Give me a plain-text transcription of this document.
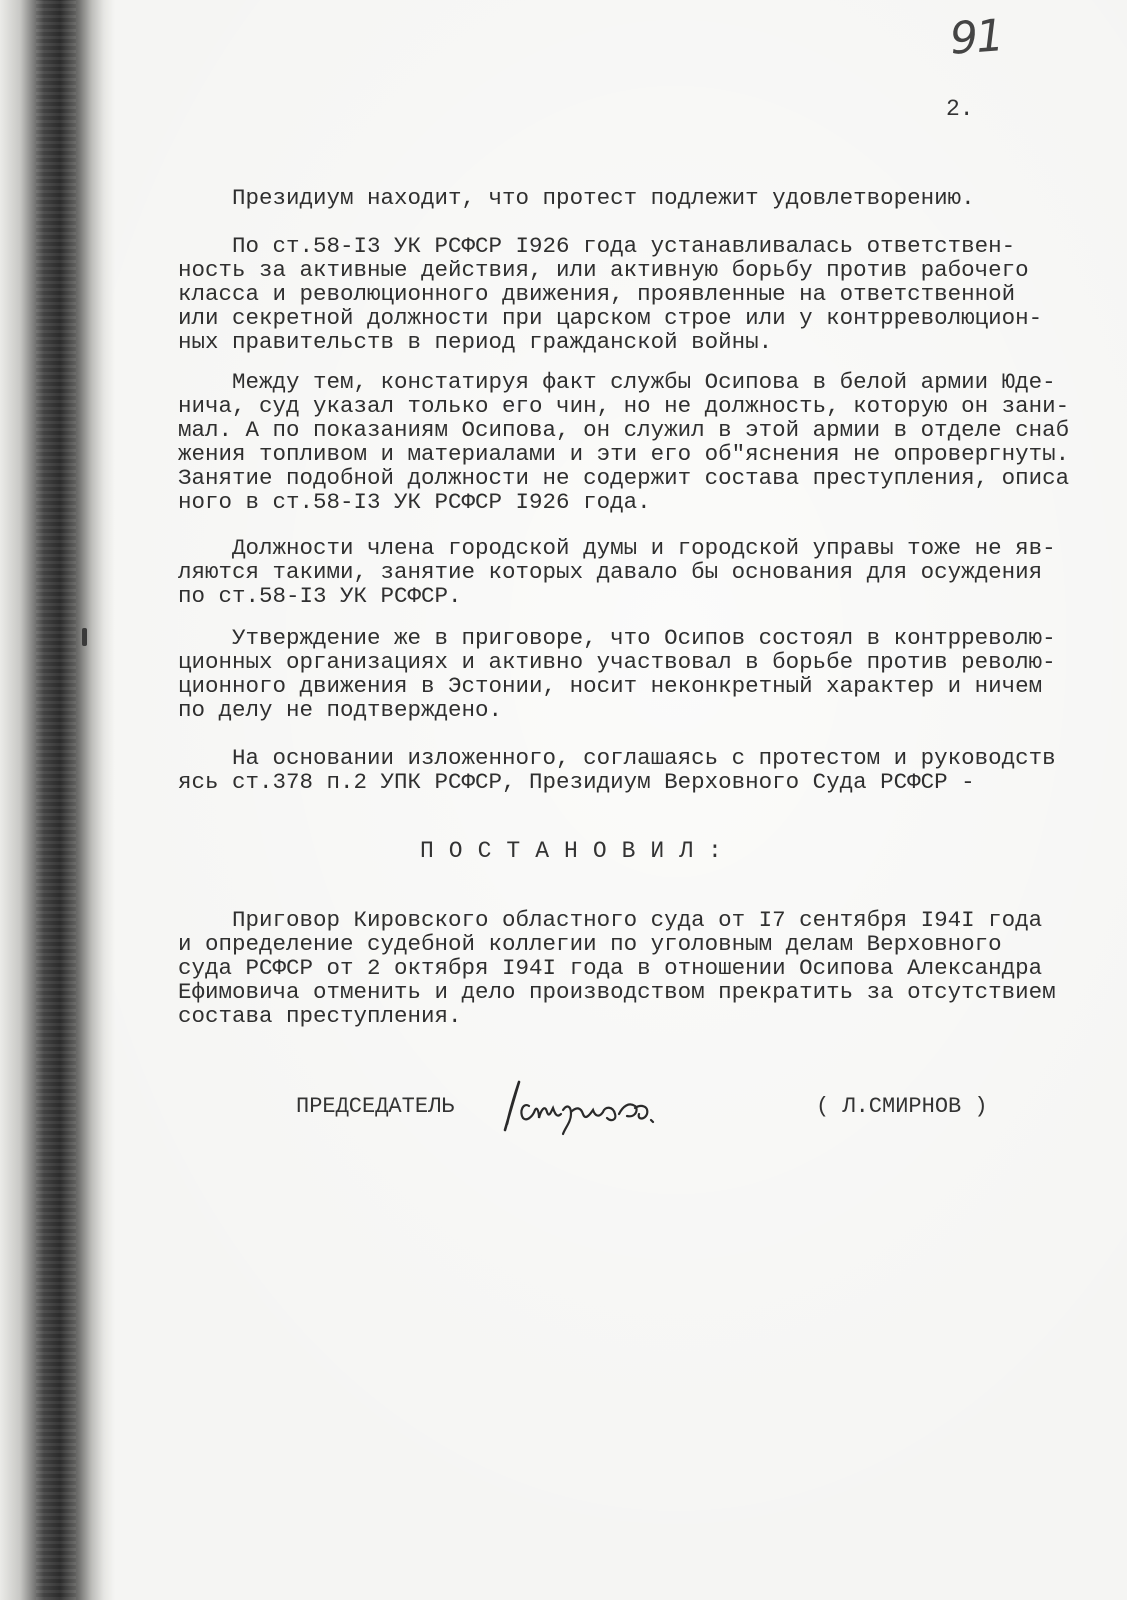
91
2.
Президиум находит, что протест подлежит удовлетворению.
По ст.58-I3 УК РСФСР I926 года устанавливалась ответствен-
ность за активные действия, или активную борьбу против рабочего
класса и революционного движения, проявленные на ответственной
или секретной должности при царском строе или у контрреволюцион-
ных правительств в период гражданской войны.
Между тем, констатируя факт службы Осипова в белой армии Юде-
нича, суд указал только его чин, но не должность, которую он зани-
мал. А по показаниям Осипова, он служил в этой армии в отделе снаб
жения топливом и материалами и эти его об"яснения не опровергнуты.
Занятие подобной должности не содержит состава преступления, описа
ного в ст.58-I3 УК РСФСР I926 года.
Должности члена городской думы и городской управы тоже не яв-
ляются такими, занятие которых давало бы основания для осуждения
по ст.58-I3 УК РСФСР.
Утверждение же в приговоре, что Осипов состоял в контрреволю-
ционных организациях и активно участвовал в борьбе против револю-
ционного движения в Эстонии, носит неконкретный характер и ничем
по делу не подтверждено.
На основании изложенного, соглашаясь с протестом и руководств
ясь ст.378 п.2 УПК РСФСР, Президиум Верховного Суда РСФСР -
П О С Т А Н О В И Л :
Приговор Кировского областного суда от I7 сентября I94I года
и определение судебной коллегии по уголовным делам Верховного
суда РСФСР от 2 октября I94I года в отношении Осипова Александра
Ефимовича отменить и дело производством прекратить за отсутствием
состава преступления.
ПРЕДСЕДАТЕЛЬ	( Л.СМИРНОВ )
